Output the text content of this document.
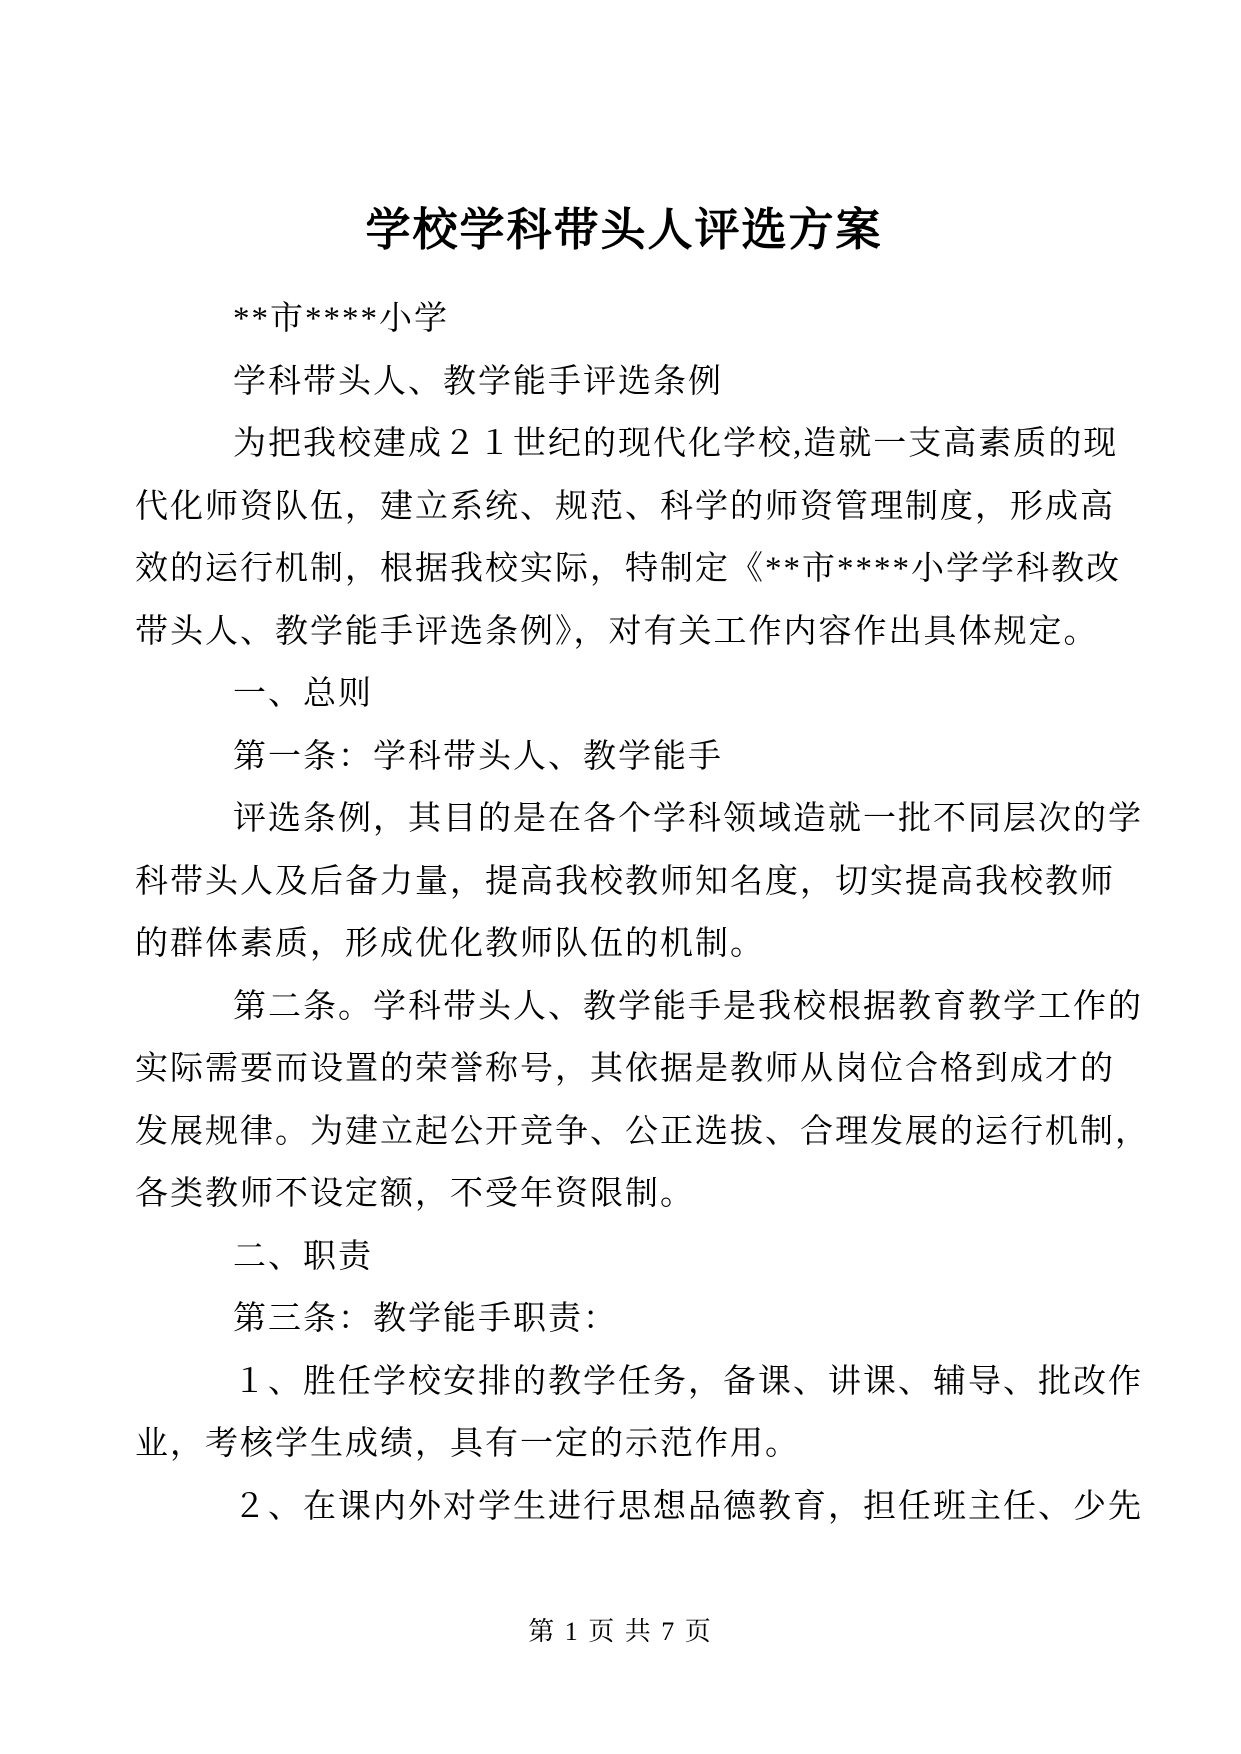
学校学科带头人评选方案
**市****小学
学科带头人、教学能手评选条例
为把我校建成２１世纪的现代化学校,造就一支高素质的现
代化师资队伍，建立系统、规范、科学的师资管理制度，形成高
效的运行机制，根据我校实际，特制定《**市****小学学科教改
带头人、教学能手评选条例》，对有关工作内容作出具体规定。
一、总则
第一条：学科带头人、教学能手
评选条例，其目的是在各个学科领域造就一批不同层次的学
科带头人及后备力量，提高我校教师知名度，切实提高我校教师
的群体素质，形成优化教师队伍的机制。
第二条。学科带头人、教学能手是我校根据教育教学工作的
实际需要而设置的荣誉称号，其依据是教师从岗位合格到成才的
发展规律。为建立起公开竞争、公正选拔、合理发展的运行机制，
各类教师不设定额，不受年资限制。
二、职责
第三条：教学能手职责：
１、胜任学校安排的教学任务，备课、讲课、辅导、批改作
业，考核学生成绩，具有一定的示范作用。
２、在课内外对学生进行思想品德教育，担任班主任、少先
第 1 页 共 7 页
